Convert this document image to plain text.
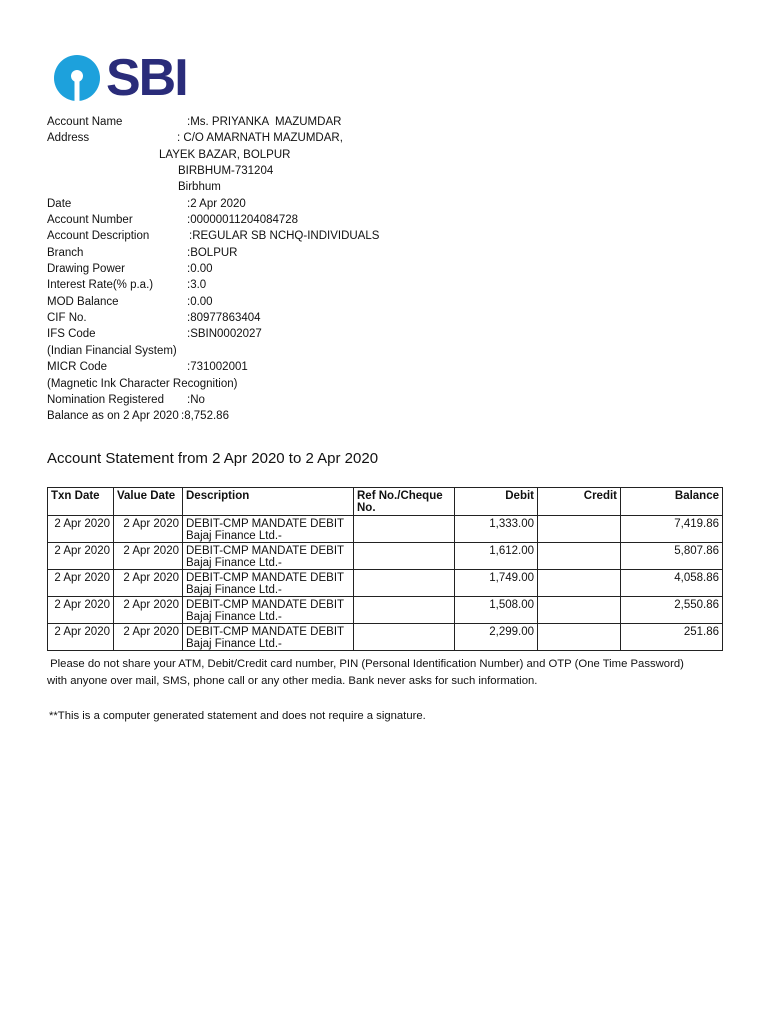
SBI
Account Name	:Ms. PRIYANKA  MAZUMDAR
Address	: C/O AMARNATH MAZUMDAR,
LAYEK BAZAR, BOLPUR
BIRBHUM-731204
Birbhum
Date	:2 Apr 2020
Account Number	:00000011204084728
Account Description	:REGULAR SB NCHQ-INDIVIDUALS
Branch	:BOLPUR
Drawing Power	:0.00
Interest Rate(% p.a.)	:3.0
MOD Balance	:0.00
CIF No.	:80977863404
IFS Code	:SBIN0002027
(Indian Financial System)
MICR Code	:731002001
(Magnetic Ink Character Recognition)
Nomination Registered :No
Balance as on 2 Apr 2020 :8,752.86
Account Statement from 2 Apr 2020 to 2 Apr 2020
Txn Date	Value Date	Description	Ref No./Cheque No.	Debit	Credit	Balance
2 Apr 2020	2 Apr 2020	DEBIT-CMP MANDATE DEBIT
Bajaj Finance Ltd.-		1,333.00		7,419.86
2 Apr 2020	2 Apr 2020	DEBIT-CMP MANDATE DEBIT
Bajaj Finance Ltd.-		1,612.00		5,807.86
2 Apr 2020	2 Apr 2020	DEBIT-CMP MANDATE DEBIT
Bajaj Finance Ltd.-		1,749.00		4,058.86
2 Apr 2020	2 Apr 2020	DEBIT-CMP MANDATE DEBIT
Bajaj Finance Ltd.-		1,508.00		2,550.86
2 Apr 2020	2 Apr 2020	DEBIT-CMP MANDATE DEBIT
Bajaj Finance Ltd.-		2,299.00		251.86
Please do not share your ATM, Debit/Credit card number, PIN (Personal Identification Number) and OTP (One Time Password)
with anyone over mail, SMS, phone call or any other media. Bank never asks for such information.
**This is a computer generated statement and does not require a signature.
